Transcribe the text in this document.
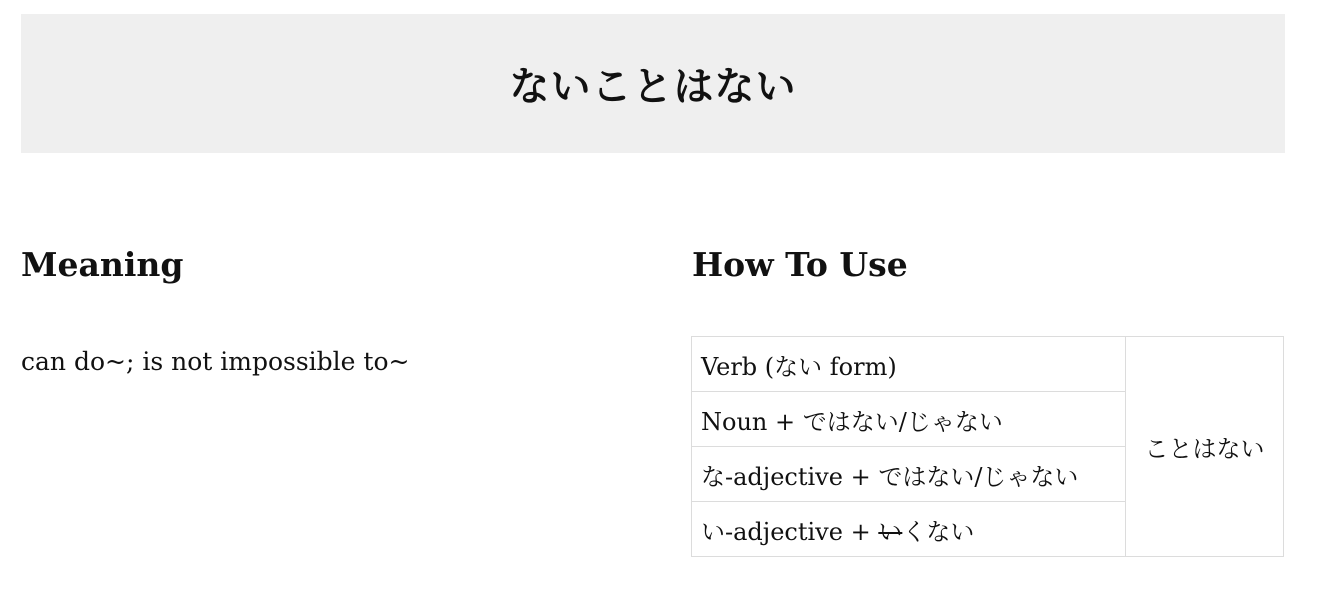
ないことはない
Meaning

can do~; is not impossible to~

How To Use
Verb (ない form)	ことはない
Noun + ではない/じゃない
な-adjective + ではない/じゃない
い-adjective + いくない
